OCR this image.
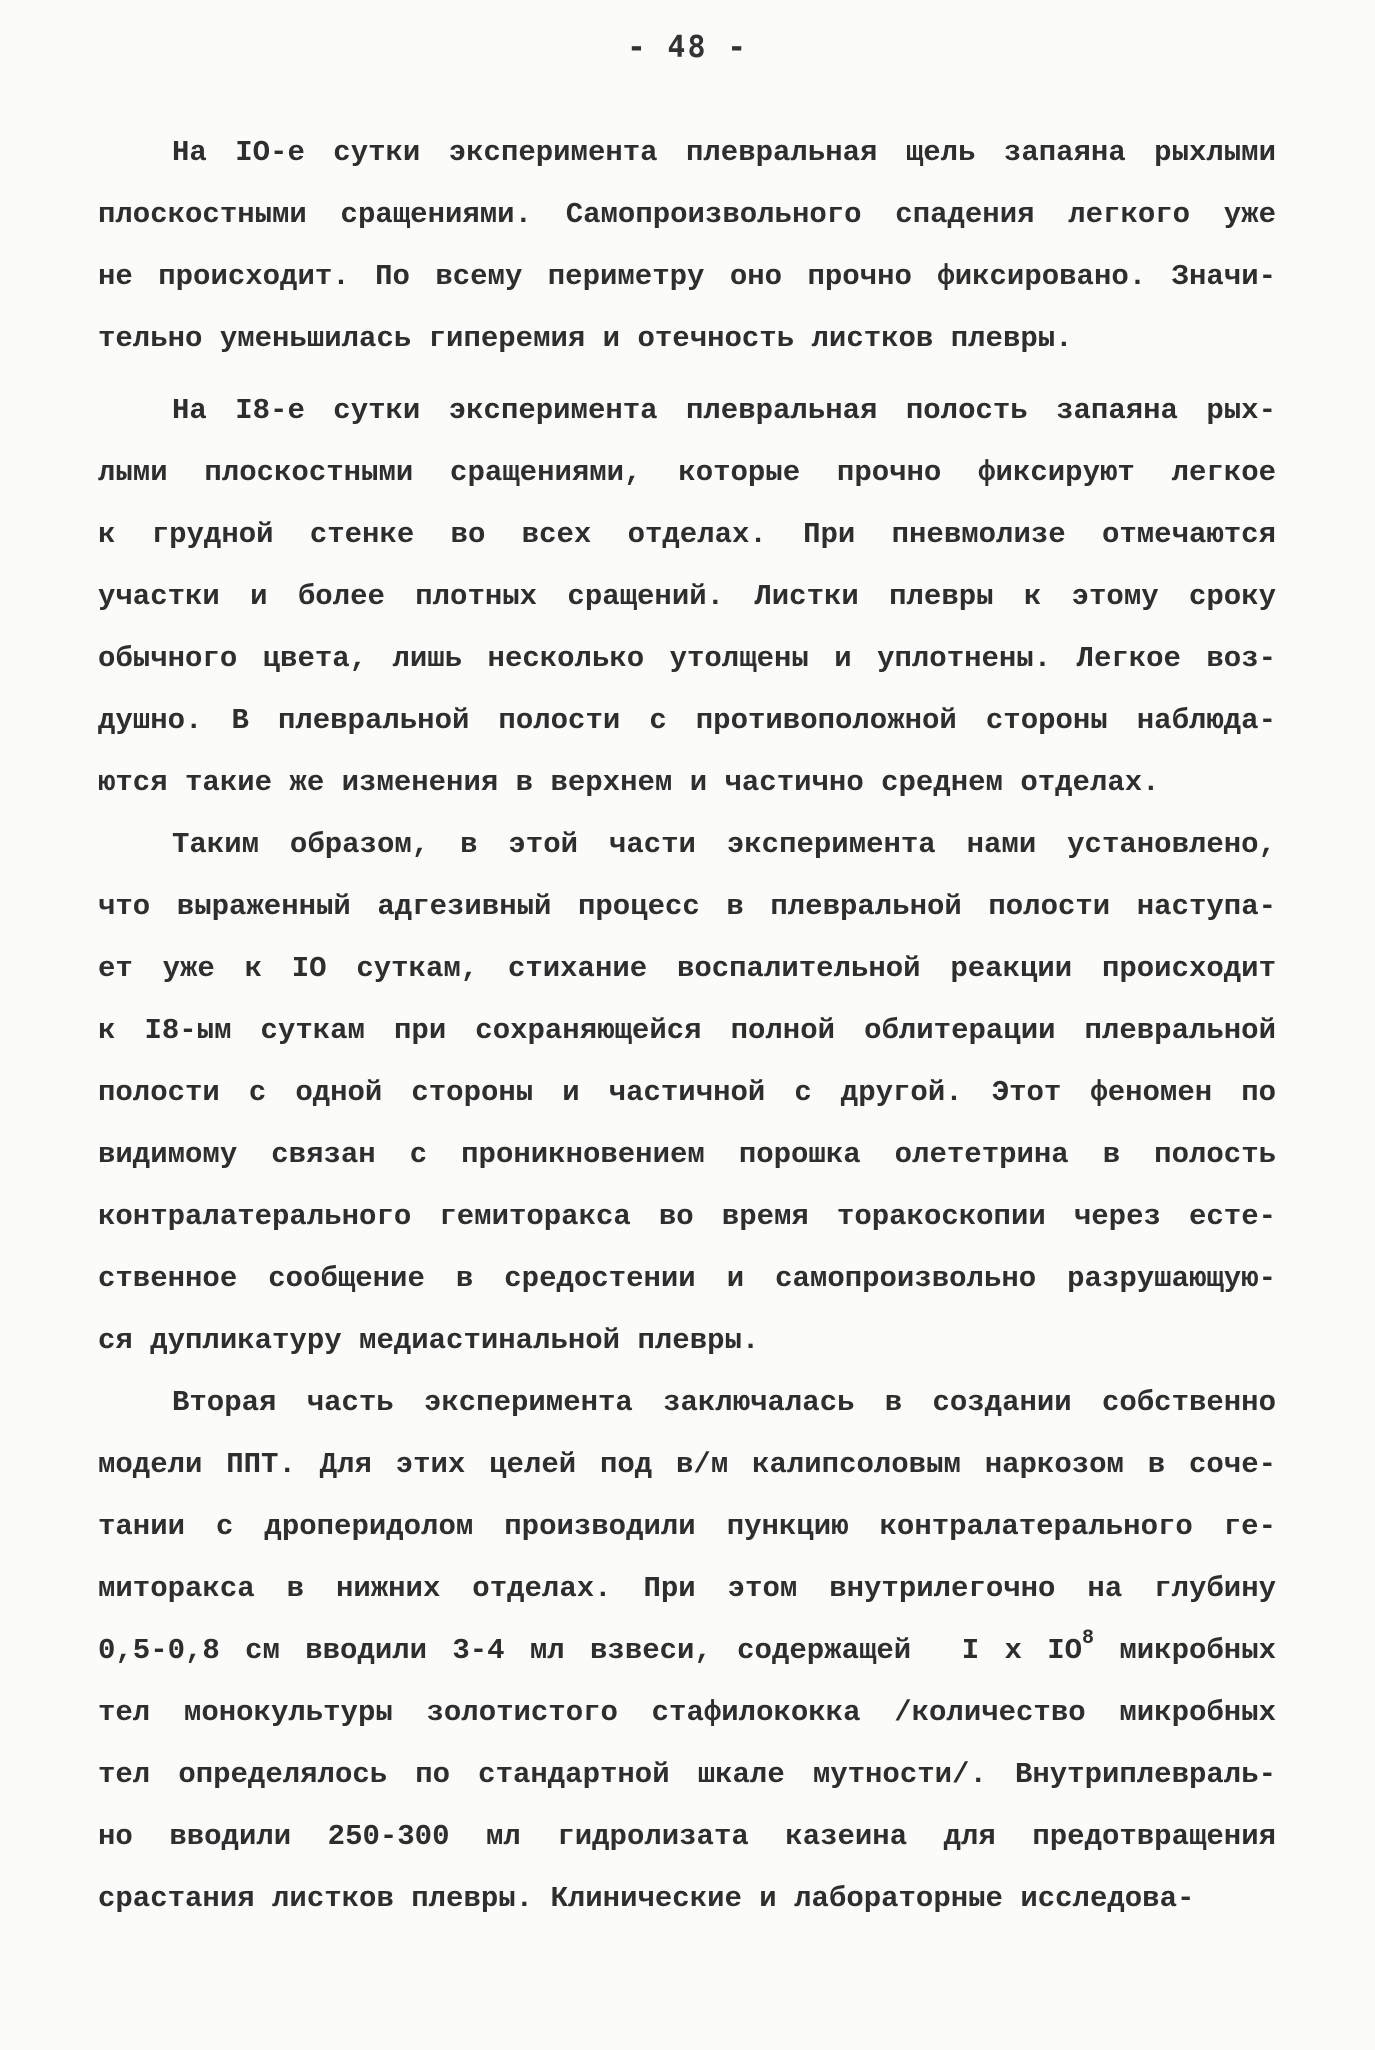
- 48 -
На IO-е сутки эксперимента плевральная щель запаяна рыхлыми
плоскостными сращениями. Самопроизвольного спадения легкого уже
не происходит. По всему периметру оно прочно фиксировано. Значи-
тельно уменьшилась гиперемия и отечность листков плевры.
На I8-е сутки эксперимента плевральная полость запаяна рых-
лыми плоскостными сращениями, которые прочно фиксируют легкое
к грудной стенке во всех отделах. При пневмолизе отмечаются
участки и более плотных сращений. Листки плевры к этому сроку
обычного цвета, лишь несколько утолщены и уплотнены. Легкое воз-
душно. В плевральной полости с противоположной стороны наблюда-
ются такие же изменения в верхнем и частично среднем отделах.
Таким образом, в этой части эксперимента нами установлено,
что выраженный адгезивный процесс в плевральной полости наступа-
ет уже к IO суткам, стихание воспалительной реакции происходит
к I8-ым суткам при сохраняющейся полной облитерации плевральной
полости с одной стороны и частичной с другой. Этот феномен по
видимому связан с проникновением порошка олететрина в полость
контралатерального гемиторакса во время торакоскопии через есте-
ственное сообщение в средостении и самопроизвольно разрушающую-
ся дупликатуру медиастинальной плевры.
Вторая часть эксперимента заключалась в создании собственно
модели ППТ. Для этих целей под в/м калипсоловым наркозом в соче-
тании с дроперидолом производили пункцию контралатерального ге-
миторакса в нижних отделах. При этом внутрилегочно на глубину
0,5-0,8 см вводили 3-4 мл взвеси, содержащей  I x $IO^8$ микробных
тел монокультуры золотистого стафилококка /количество микробных
тел определялось по стандартной шкале мутности/. Внутриплевраль-
но вводили 250-300 мл гидролизата казеина для предотвращения
срастания листков плевры. Клинические и лабораторные исследова-
